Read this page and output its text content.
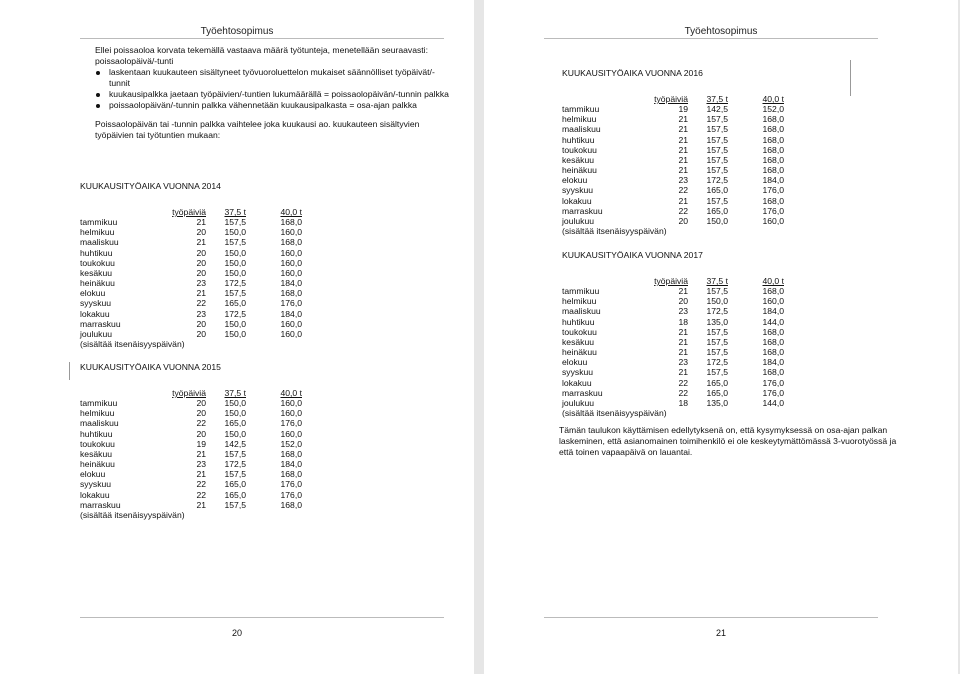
Työehtosopimus

Ellei poissaoloa korvata tekemällä vastaava määrä työtunteja, menetellään seuraavasti:

poissaolopäivä/-tunti

laskentaan kuukauteen sisältyneet työvuoroluettelon mukaiset säännölliset työpäivät/-tunnit
kuukausipalkka jaetaan työpäivien/-tuntien lukumäärällä = poissaolopäivän/-tunnin palkka
poissaolopäivän/-tunnin palkka vähennetään kuukausipalkasta = osa-ajan palkka

Poissaolopäivän tai -tunnin palkka vaihtelee joka kuukausi ao. kuukauteen sisältyvien työpäivien tai työtuntien mukaan:

KUUKAUSITYÖAIKA VUONNA 2014
	työpäiviä	37,5 t	40,0 t
tammikuu	21	157,5	168,0
helmikuu	20	150,0	160,0
maaliskuu	21	157,5	168,0
huhtikuu	20	150,0	160,0
toukokuu	20	150,0	160,0
kesäkuu	20	150,0	160,0
heinäkuu	23	172,5	184,0
elokuu	21	157,5	168,0
syyskuu	22	165,0	176,0
lokakuu	23	172,5	184,0
marraskuu	20	150,0	160,0
joulukuu	20	150,0	160,0
(sisältää itsenäisyyspäivän)
KUUKAUSITYÖAIKA VUONNA 2015
	työpäiviä	37,5 t	40,0 t
tammikuu	20	150,0	160,0
helmikuu	20	150,0	160,0
maaliskuu	22	165,0	176,0
huhtikuu	20	150,0	160,0
toukokuu	19	142,5	152,0
kesäkuu	21	157,5	168,0
heinäkuu	23	172,5	184,0
elokuu	21	157,5	168,0
syyskuu	22	165,0	176,0
lokakuu	22	165,0	176,0
marraskuu	21	157,5	168,0
(sisältää itsenäisyyspäivän)
20
Työehtosopimus
KUUKAUSITYÖAIKA VUONNA 2016
	työpäiviä	37,5 t	40,0 t
tammikuu	19	142,5	152,0
helmikuu	21	157,5	168,0
maaliskuu	21	157,5	168,0
huhtikuu	21	157,5	168,0
toukokuu	21	157,5	168,0
kesäkuu	21	157,5	168,0
heinäkuu	21	157,5	168,0
elokuu	23	172,5	184,0
syyskuu	22	165,0	176,0
lokakuu	21	157,5	168,0
marraskuu	22	165,0	176,0
joulukuu	20	150,0	160,0
(sisältää itsenäisyyspäivän)
KUUKAUSITYÖAIKA VUONNA 2017
	työpäiviä	37,5 t	40,0 t
tammikuu	21	157,5	168,0
helmikuu	20	150,0	160,0
maaliskuu	23	172,5	184,0
huhtikuu	18	135,0	144,0
toukokuu	21	157,5	168,0
kesäkuu	21	157,5	168,0
heinäkuu	21	157,5	168,0
elokuu	23	172,5	184,0
syyskuu	21	157,5	168,0
lokakuu	22	165,0	176,0
marraskuu	22	165,0	176,0
joulukuu	18	135,0	144,0
(sisältää itsenäisyyspäivän)
21
Tämän taulukon käyttämisen edellytyksenä on, että kysymyksessä on osa-ajan palkan laskeminen, että asianomainen toimihenkilö ei ole keskeytymättömässä 3-vuorotyössä ja että toinen vapaapäivä on lauantai.
